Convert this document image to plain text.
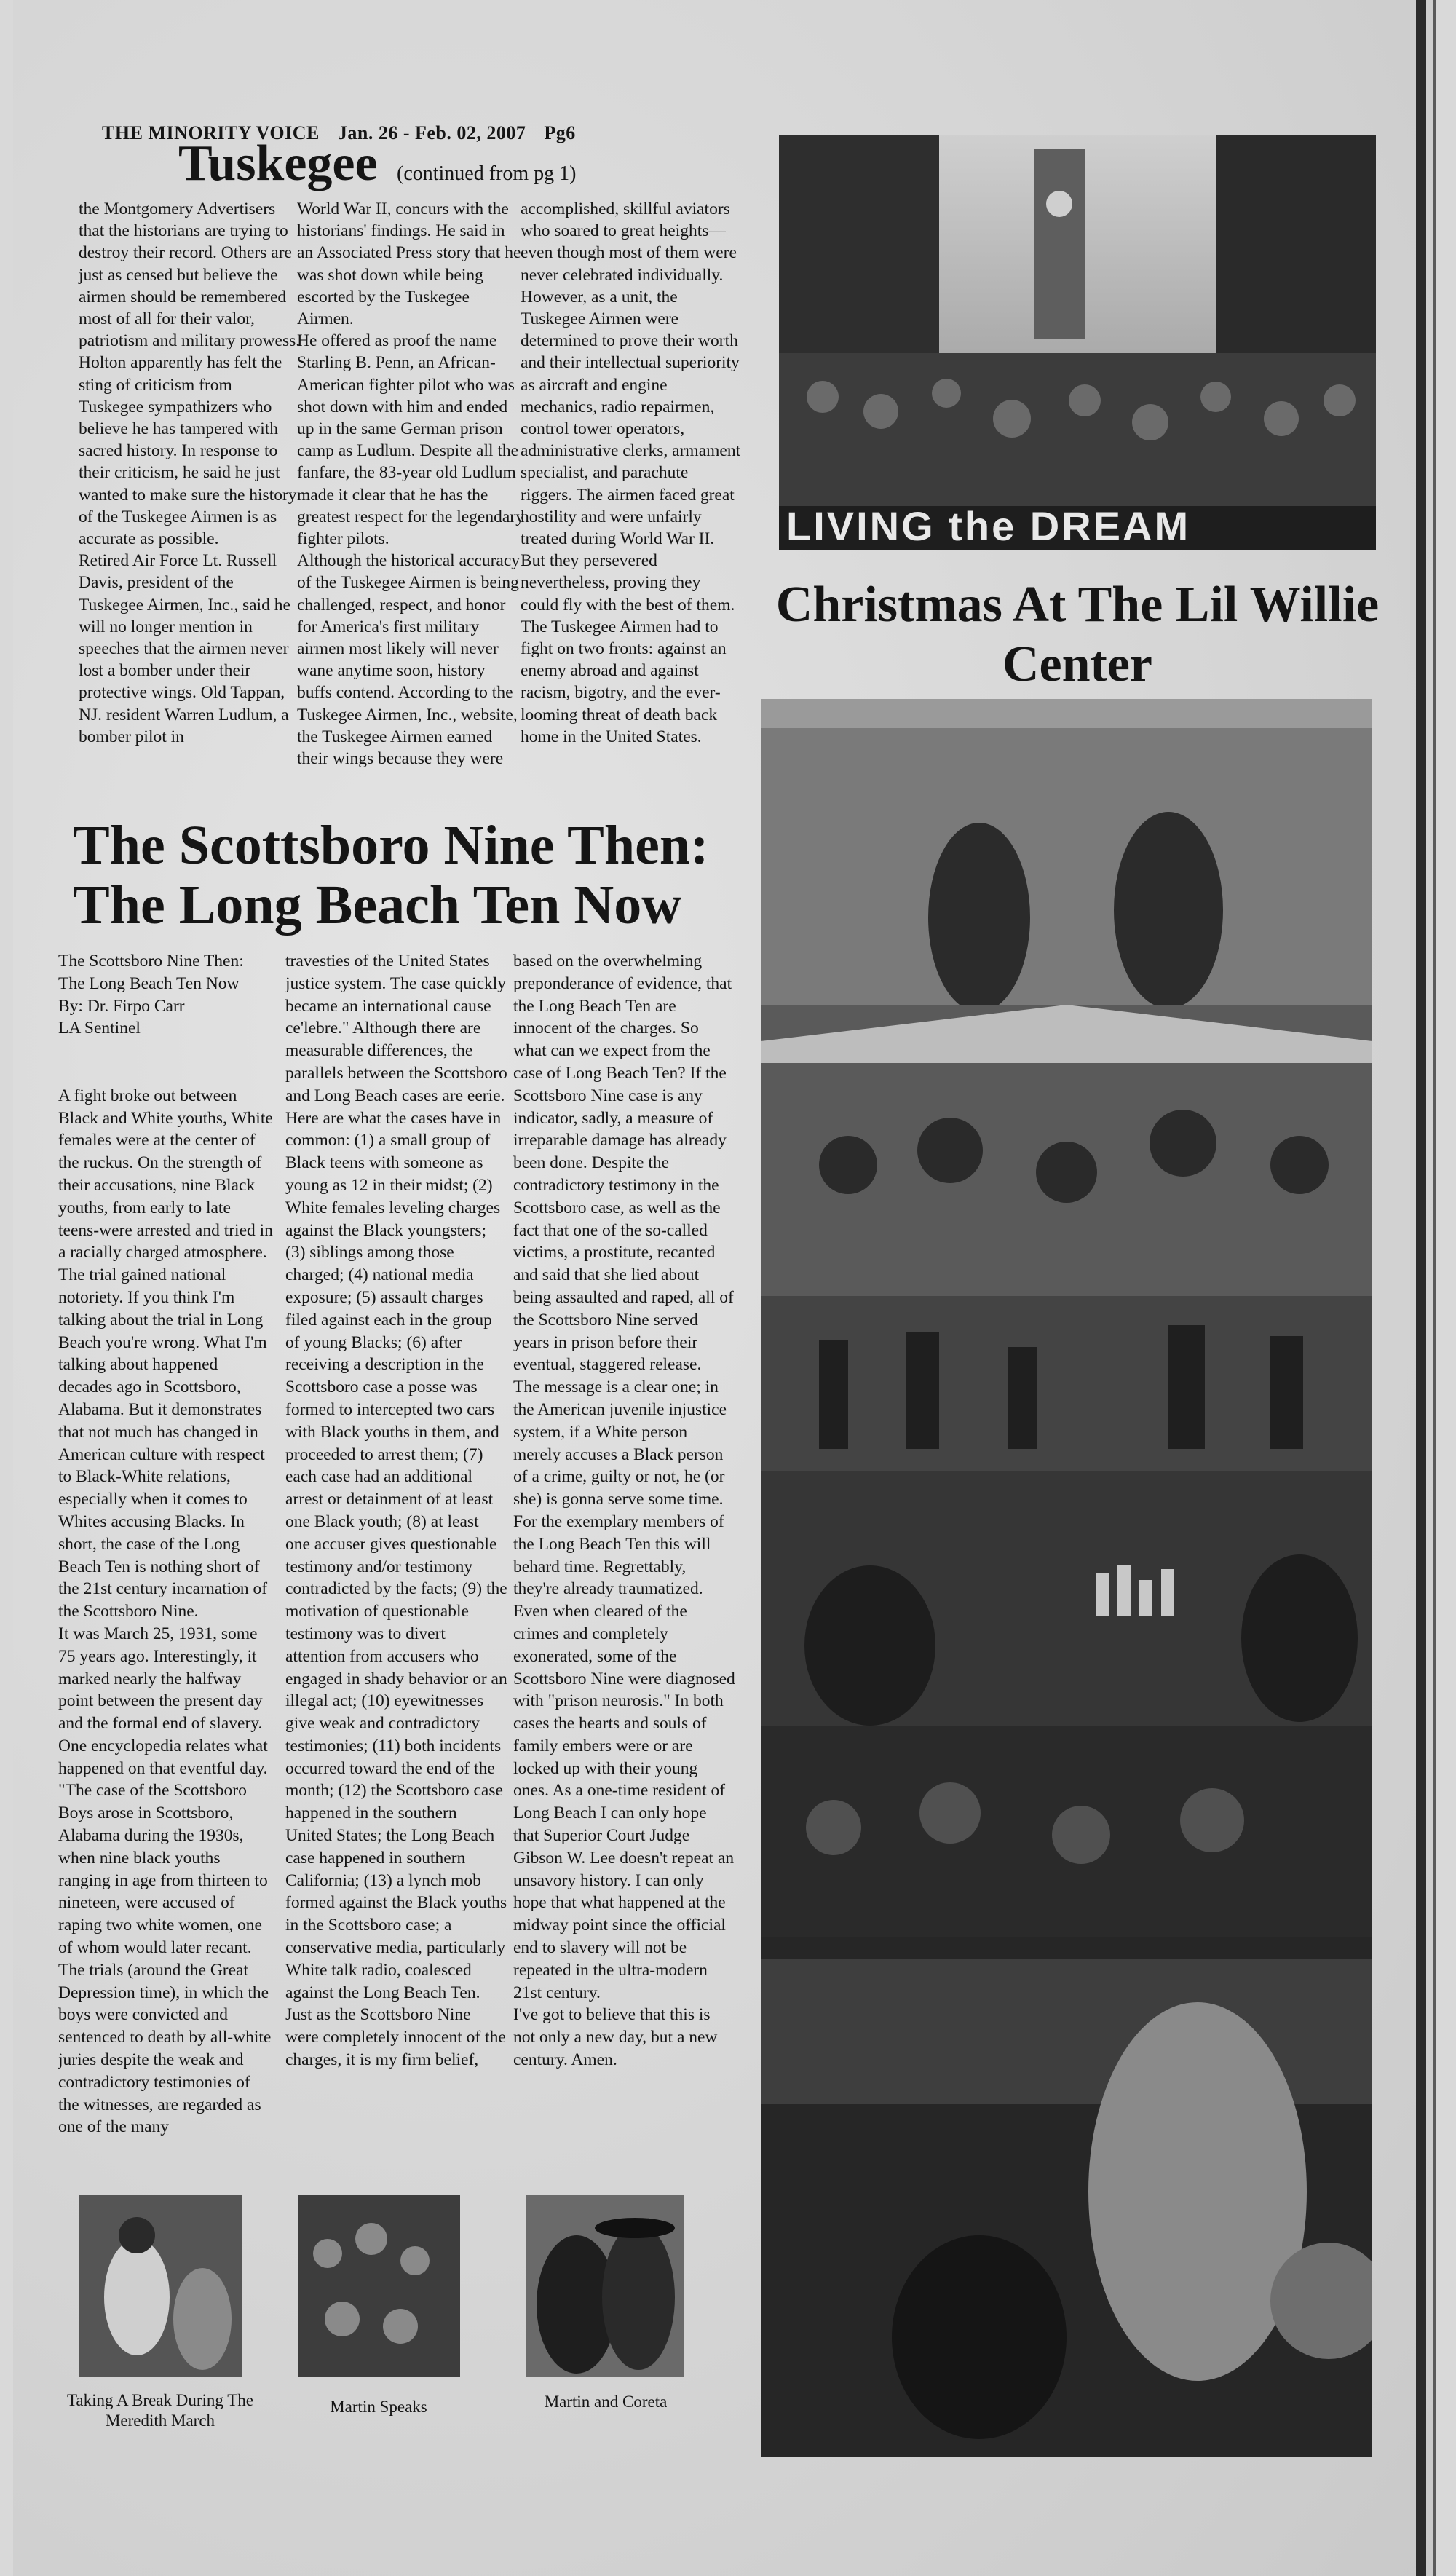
THE MINORITY VOICE Jan. 26 - Feb. 02, 2007 Pg6
Tuskegee (continued from pg 1)
the Montgomery Advertisers that the historians are trying to destroy their record. Others are just as censed but believe the airmen should be remembered most of all for their valor, patriotism and military prowess.
Holton apparently has felt the sting of criticism from Tuskegee sympathizers who believe he has tampered with sacred history. In response to their criticism, he said he just wanted to make sure the history of the Tuskegee Airmen is as accurate as possible.
Retired Air Force Lt. Russell Davis, president of the Tuskegee Airmen, Inc., said he will no longer mention in speeches that the airmen never lost a bomber under their protective wings. Old Tappan, NJ. resident Warren Ludlum, a bomber pilot in
World War II, concurs with the historians' findings. He said in an Associated Press story that he was shot down while being escorted by the Tuskegee Airmen.
He offered as proof the name Starling B. Penn, an African-American fighter pilot who was shot down with him and ended up in the same German prison camp as Ludlum. Despite all the fanfare, the 83-year old Ludlum made it clear that he has the greatest respect for the legendary fighter pilots.
Although the historical accuracy of the Tuskegee Airmen is being challenged, respect, and honor for America's first military airmen most likely will never wane anytime soon, history buffs contend. According to the Tuskegee Airmen, Inc., website, the Tuskegee Airmen earned their wings because they were
accomplished, skillful aviators who soared to great heights— even though most of them were never celebrated individually. However, as a unit, the Tuskegee Airmen were determined to prove their worth and their intellectual superiority as aircraft and engine mechanics, radio repairmen, control tower operators, administrative clerks, armament specialist, and parachute riggers. The airmen faced great hostility and were unfairly treated during World War II. But they persevered nevertheless, proving they could fly with the best of them.
The Tuskegee Airmen had to fight on two fronts: against an enemy abroad and against racism, bigotry, and the ever-looming threat of death back home in the United States.
LIVING the DREAM
Christmas At The Lil Willie Center
The Scottsboro Nine Then:
The Long Beach Ten Now
The Scottsboro Nine Then:
The Long Beach Ten Now
By: Dr. Firpo Carr
LA Sentinel

A fight broke out between Black and White youths, White females were at the center of the ruckus. On the strength of their accusations, nine Black youths, from early to late teens-were arrested and tried in a racially charged atmosphere. The trial gained national notoriety. If you think I'm talking about the trial in Long Beach you're wrong. What I'm talking about happened decades ago in Scottsboro, Alabama. But it demonstrates that not much has changed in American culture with respect to Black-White relations, especially when it comes to Whites accusing Blacks. In short, the case of the Long Beach Ten is nothing short of the 21st century incarnation of the Scottsboro Nine.
It was March 25, 1931, some 75 years ago. Interestingly, it marked nearly the halfway point between the present day and the formal end of slavery. One encyclopedia relates what happened on that eventful day.
"The case of the Scottsboro Boys arose in Scottsboro, Alabama during the 1930s, when nine black youths ranging in age from thirteen to nineteen, were accused of raping two white women, one of whom would later recant. The trials (around the Great Depression time), in which the boys were convicted and sentenced to death by all-white juries despite the weak and contradictory testimonies of the witnesses, are regarded as one of the many
travesties of the United States justice system. The case quickly became an international cause ce'lebre." Although there are
measurable differences, the parallels between the Scottsboro and Long Beach cases are eerie.
Here are what the cases have in common: (1) a small group of Black teens with someone as young as 12 in their midst; (2) White females leveling charges against the Black youngsters; (3) siblings among those charged; (4) national media exposure; (5) assault charges filed against each in the group of young Blacks; (6) after receiving a description in the Scottsboro case a posse was formed to intercepted two cars with Black youths in them, and proceeded to arrest them; (7) each case had an additional arrest or detainment of at least one Black youth; (8) at least one accuser gives questionable testimony and/or testimony contradicted by the facts; (9) the motivation of questionable testimony was to divert attention from accusers who engaged in shady behavior or an illegal act; (10) eyewitnesses give weak and contradictory testimonies; (11) both incidents occurred toward the end of the month; (12) the Scottsboro case happened in the southern United States; the Long Beach case happened in southern California; (13) a lynch mob formed against the Black youths in the Scottsboro case; a conservative media, particularly White talk radio, coalesced against the Long Beach Ten. Just as the Scottsboro Nine were completely innocent of the charges, it is my firm belief,
based on the overwhelming preponderance of evidence, that the Long Beach Ten are innocent of the charges. So what can we expect from the case of Long Beach Ten? If the Scottsboro Nine case is any indicator, sadly, a measure of irreparable damage has already been done. Despite the contradictory testimony in the Scottsboro case, as well as the fact that one of the so-called victims, a prostitute, recanted and said that she lied about being assaulted and raped, all of the Scottsboro Nine served years in prison before their eventual, staggered release.
The message is a clear one; in the American juvenile injustice system, if a White person merely accuses a Black person of a crime, guilty or not, he (or she) is gonna serve some time. For the exemplary members of the Long Beach Ten this will behard time. Regrettably, they're already traumatized. Even when cleared of the crimes and completely exonerated, some of the Scottsboro Nine were diagnosed with "prison neurosis." In both cases the hearts and souls of family embers were or are locked up with their young ones. As a one-time resident of Long Beach I can only hope that Superior Court Judge Gibson W. Lee doesn't repeat an unsavory history. I can only hope that what happened at the midway point since the official end to slavery will not be repeated in the ultra-modern 21st century.
I've got to believe that this is not only a new day, but a new century. Amen.
Taking A Break During The Meredith March
Martin Speaks	Martin and Coreta
